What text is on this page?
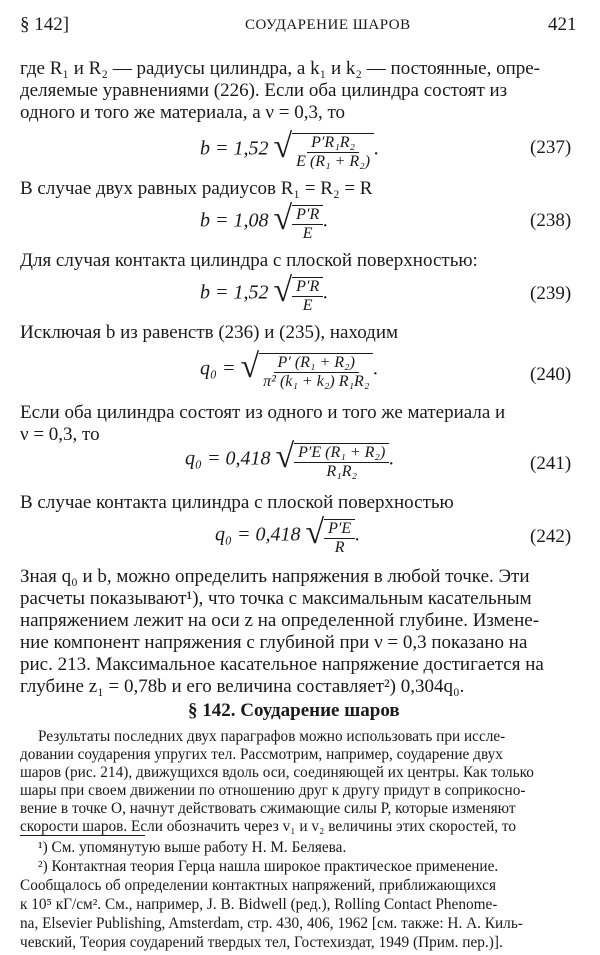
§ 142]	СОУДАРЕНИЕ ШАРОВ	421
где R₁ и R₂ — радиусы цилиндра, а k₁ и k₂ — постоянные, опре-
деляемые уравнениями (226). Если оба цилиндра состоят из
одного и того же материала, а ν = 0,3, то
b = 1,52 √ $\frac{\text{P′R₁R₂}}{\text{E (R₁ + R₂)}}$ .	(237)
В случае двух равных радиусов R₁ = R₂ = R
b = 1,08 √ $\frac{P'R}{E}$ .	(238)
Для случая контакта цилиндра с плоской поверхностью:
b = 1,52 √ $\frac{P'R}{E}$ .	(239)
Исключая b из равенств (236) и (235), находим
q₀ = √ $\frac{\text{P′ (R₁ + R₂)}}{\text{π² (k₁ + k₂) R₁R₂}}$ .	(240)
Если оба цилиндра состоят из одного и того же материала и
ν = 0,3, то
q₀ = 0,418 √ $\frac{\text{P′E (R₁ + R₂)}}{\text{R₁R₂}}$ .	(241)
В случае контакта цилиндра с плоской поверхностью
q₀ = 0,418 √ $\frac{P'E}{R}$ .	(242)
Зная q₀ и b, можно определить напряжения в любой точке. Эти
расчеты показывают¹), что точка с максимальным касательным
напряжением лежит на оси z на определенной глубине. Измене-
ние компонент напряжения с глубиной при ν = 0,3 показано на
рис. 213. Максимальное касательное напряжение достигается на
глубине z₁ = 0,78b и его величина составляет²) 0,304q₀.
§ 142. Соударение шаров
Результаты последних двух параграфов можно использовать при иссле-
довании соударения упругих тел. Рассмотрим, например, соударение двух
шаров (рис. 214), движущихся вдоль оси, соединяющей их центры. Как только
шары при своем движении по отношению друг к другу придут в соприкосно-
вение в точке O, начнут действовать сжимающие силы P, которые изменяют
скорости шаров. Если обозначить через v₁ и v₂ величины этих скоростей, то
¹) См. упомянутую выше работу Н. М. Беляева.
²) Контактная теория Герца нашла широкое практическое применение.
Сообщалось об определении контактных напряжений, приближающихся
к 10⁵ кГ/см². См., например, J. B. Bidwell (ред.), Rolling Contact Phenome-
na, Elsevier Publishing, Amsterdam, стр. 430, 406, 1962 [см. также: Н. А. Киль-
чевский, Теория соударений твердых тел, Гостехиздат, 1949 (Прим. пер.)].
